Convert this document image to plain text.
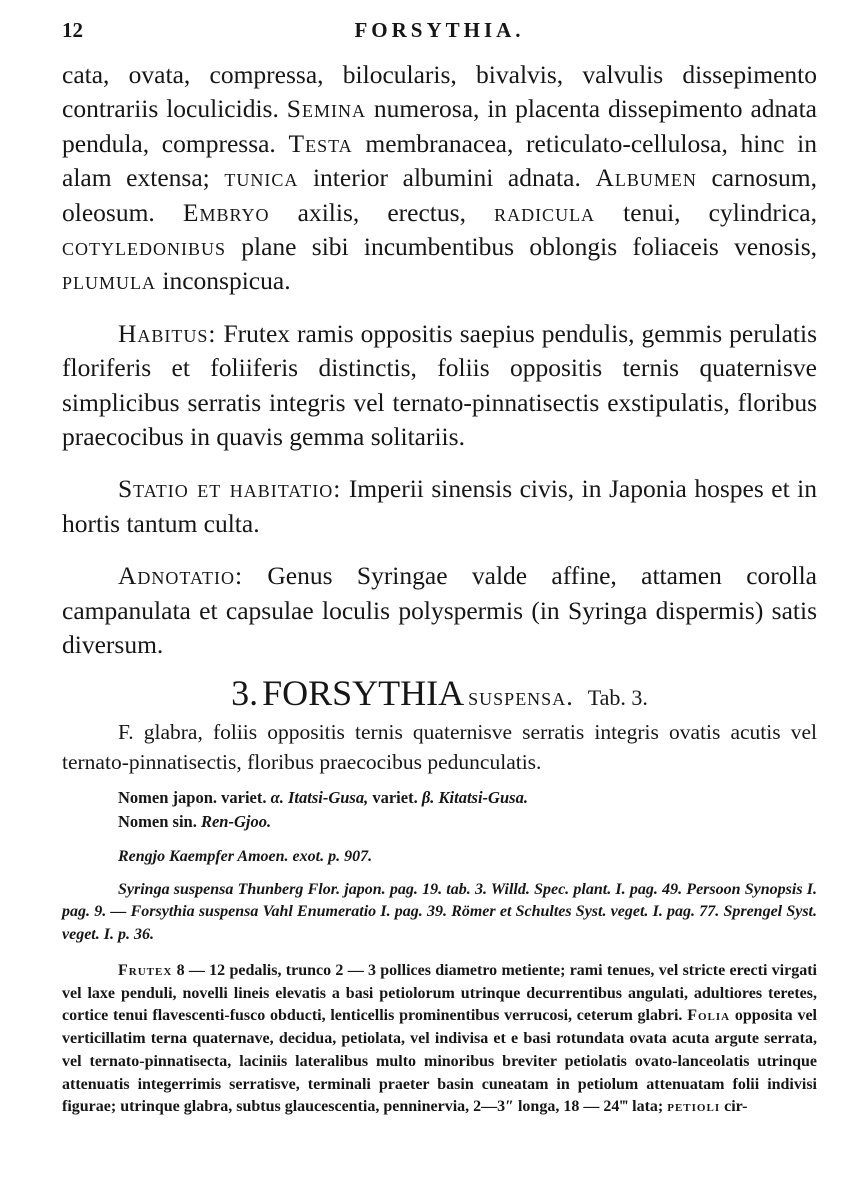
12	FORSYTHIA.

cata, ovata, compressa, bilocularis, bivalvis, valvulis dissepimento contrariis loculicidis. Semina numerosa, in placenta dissepimento adnata pendula, compressa. Testa membranacea, reticulato-cellulosa, hinc in alam extensa; tunica interior albumini adnata. Albumen carnosum, oleosum. Embryo axilis, erectus, radicula tenui, cylindrica, cotyledonibus plane sibi incumbentibus oblongis foliaceis venosis, plumula inconspicua.

Habitus: Frutex ramis oppositis saepius pendulis, gemmis perulatis floriferis et foliiferis distinctis, foliis oppositis ternis quaternisve simplicibus serratis integris vel ternato-pinnatisectis exstipulatis, floribus praecocibus in quavis gemma solitariis.

Statio et habitatio: Imperii sinensis civis, in Japonia hospes et in hortis tantum culta.

Adnotatio: Genus Syringae valde affine, attamen corolla campanulata et capsulae loculis polyspermis (in Syringa dispermis) satis diversum.

3. FORSYTHIA suspensa. Tab. 3.

F. glabra, foliis oppositis ternis quaternisve serratis integris ovatis acutis vel ternato-pinnatisectis, floribus praecocibus pedunculatis.

Nomen japon. variet. α. Itatsi-Gusa, variet. β. Kitatsi-Gusa.

Nomen sin. Ren-Gjoo.

Rengjo Kaempfer Amoen. exot. p. 907.

Syringa suspensa Thunberg Flor. japon. pag. 19. tab. 3. Willd. Spec. plant. I. pag. 49. Persoon Synopsis I. pag. 9. — Forsythia suspensa Vahl Enumeratio I. pag. 39. Römer et Schultes Syst. veget. I. pag. 77. Sprengel Syst. veget. I. p. 36.

Frutex 8 — 12 pedalis, trunco 2 — 3 pollices diametro metiente; rami tenues, vel stricte erecti virgati vel laxe penduli, novelli lineis elevatis a basi petiolorum utrinque decurrentibus angulati, adultiores teretes, cortice tenui flavescenti-fusco obducti, lenticellis prominentibus verrucosi, ceterum glabri. Folia opposita vel verticillatim terna quaternave, decidua, petiolata, vel indivisa et e basi rotundata ovata acuta argute serrata, vel ternato-pinnatisecta, laciniis lateralibus multo minoribus breviter petiolatis ovato-lanceolatis utrinque attenuatis integerrimis serratisve, terminali praeter basin cuneatam in petiolum attenuatam folii indivisi figurae; utrinque glabra, subtus glaucescentia, penninervia, 2—3″ longa, 18 — 24‴ lata; petioli cir-
